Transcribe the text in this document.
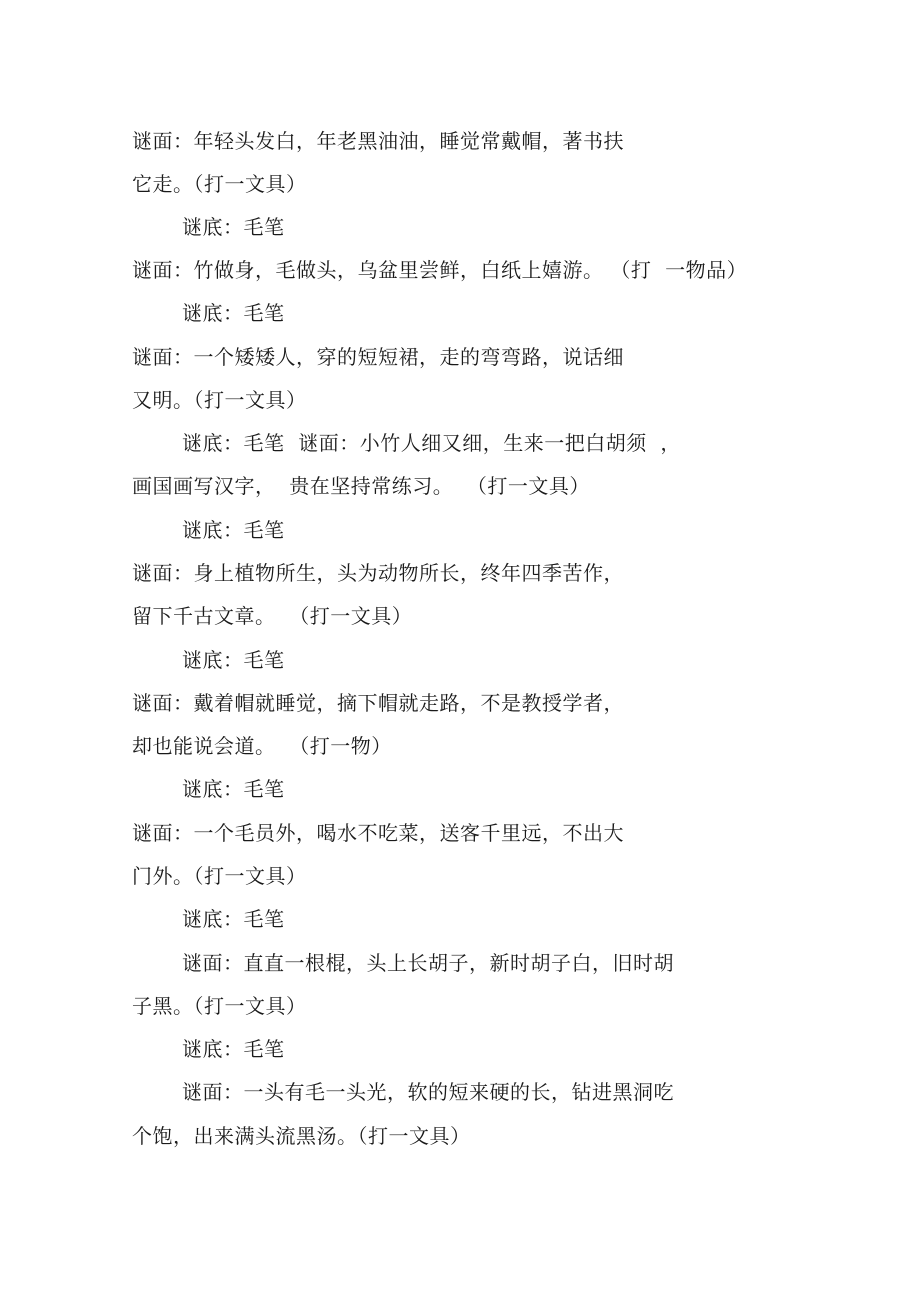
谜面：年轻头发白，年老黑油油，睡觉常戴帽，著书扶
它走。（打一文具）
谜底：毛笔
谜面：竹做身，毛做头，乌盆里尝鲜，白纸上嬉游。 （打  一物品）
谜底：毛笔
谜面：一个矮矮人，穿的短短裙，走的弯弯路，说话细
又明。（打一文具）
谜底：毛笔  谜面：小竹人细又细，生来一把白胡须  ，
画国画写汉字，  贵在坚持常练习。  （打一文具）
谜底：毛笔
谜面：身上植物所生，头为动物所长，终年四季苦作，
留下千古文章。  （打一文具）
谜底：毛笔
谜面：戴着帽就睡觉，摘下帽就走路，不是教授学者，
却也能说会道。  （打一物）
谜底：毛笔
谜面：一个毛员外，喝水不吃菜，送客千里远，不出大
门外。（打一文具）
谜底：毛笔
谜面：直直一根棍，头上长胡子，新时胡子白，旧时胡
子黑。（打一文具）
谜底：毛笔
谜面：一头有毛一头光，软的短来硬的长，钻进黑洞吃
个饱，出来满头流黑汤。（打一文具）
